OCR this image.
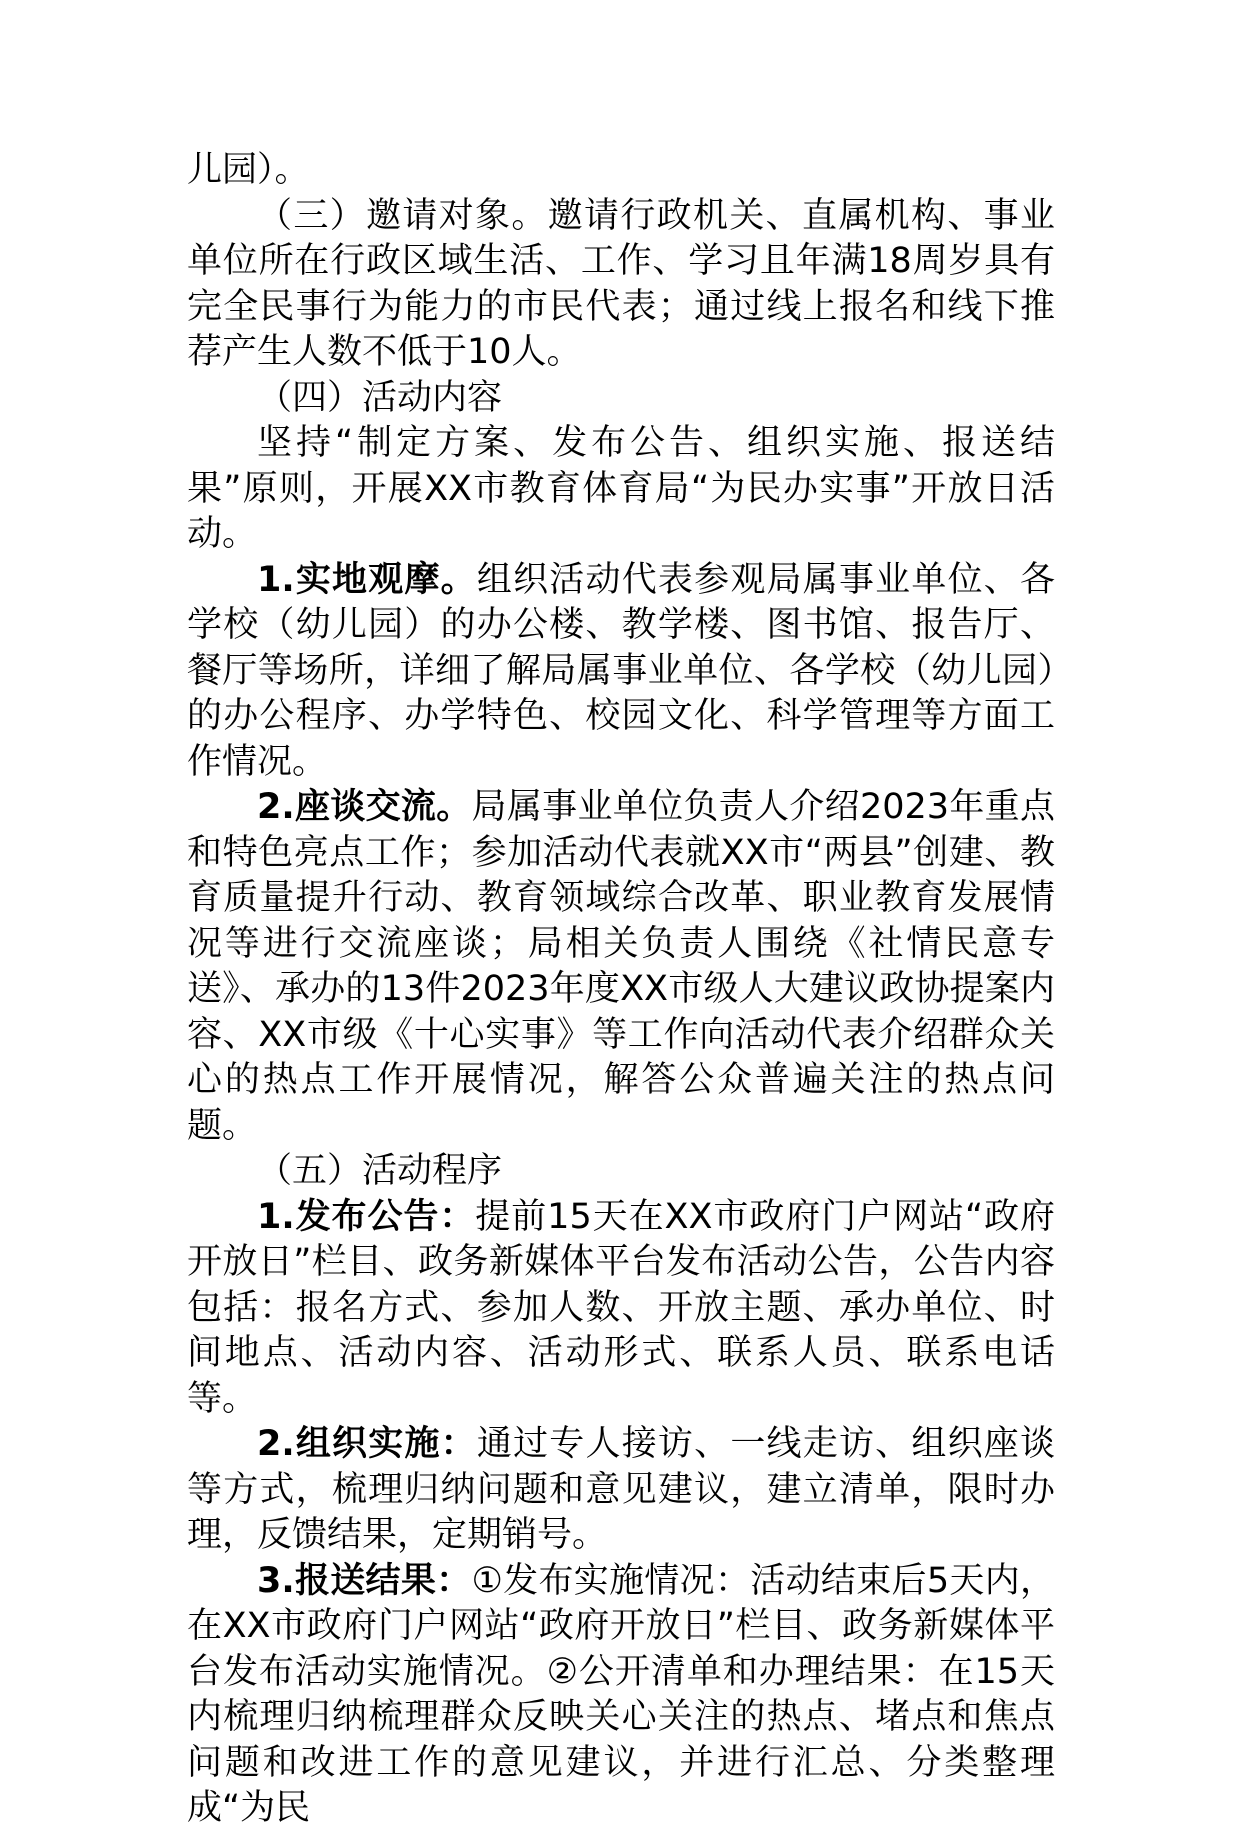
儿园）。

（三）邀请对象。邀请行政机关、直属机构、事业单位所在行政区域生活、工作、学习且年满18周岁具有完全民事行为能力的市民代表；通过线上报名和线下推荐产生人数不低于10人。

（四）活动内容

坚持“制定方案、发布公告、组织实施、报送结果”原则，开展XX市教育体育局“为民办实事”开放日活动。

1.实地观摩。组织活动代表参观局属事业单位、各学校（幼儿园）的办公楼、教学楼、图书馆、报告厅、餐厅等场所，详细了解局属事业单位、各学校（幼儿园）的办公程序、办学特色、校园文化、科学管理等方面工作情况。

2.座谈交流。局属事业单位负责人介绍2023年重点和特色亮点工作；参加活动代表就XX市“两县”创建、教育质量提升行动、教育领域综合改革、职业教育发展情况等进行交流座谈；局相关负责人围绕《社情民意专送》、承办的13件2023年度XX市级人大建议政协提案内容、XX市级《十心实事》等工作向活动代表介绍群众关心的热点工作开展情况，解答公众普遍关注的热点问题。

（五）活动程序

1.发布公告：提前15天在XX市政府门户网站“政府开放日”栏目、政务新媒体平台发布活动公告，公告内容包括：报名方式、参加人数、开放主题、承办单位、时间地点、活动内容、活动形式、联系人员、联系电话等。

2.组织实施：通过专人接访、一线走访、组织座谈等方式，梳理归纳问题和意见建议，建立清单，限时办理，反馈结果，定期销号。

3.报送结果：①发布实施情况：活动结束后5天内，在XX市政府门户网站“政府开放日”栏目、政务新媒体平台发布活动实施情况。②公开清单和办理结果：在15天内梳理归纳梳理群众反映关心关注的热点、堵点和焦点问题和改进工作的意见建议，并进行汇总、分类整理成“为民
